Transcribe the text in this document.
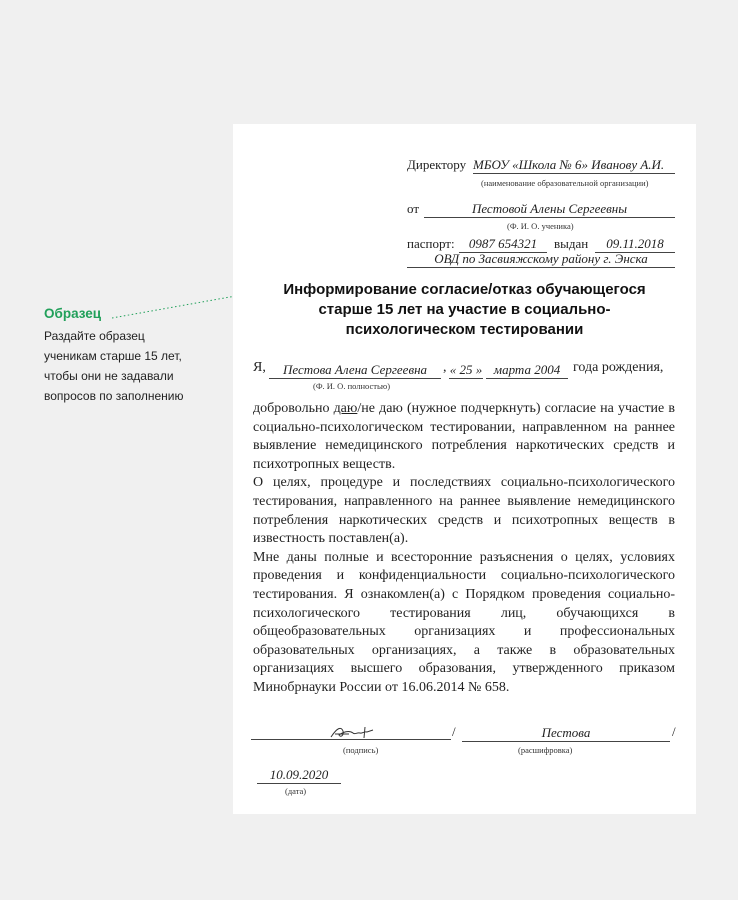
Образец
Раздайте образец
ученикам старше 15 лет,
чтобы они не задавали
вопросов по заполнению
Директору МБОУ «Школа № 6» Иванову А.И.
(наименование образовательной организации)
от	Пестовой Алены Сергеевны
(Ф. И. О. ученика)
паспорт:	0987 654321	выдан	09.11.2018
ОВД по Засвияжскому району г. Энска
Информирование согласие/отказ обучающегося
старше 15 лет на участие в социально-
психологическом тестировании
Я,	Пестова Алена Сергеевна	, « 25 » марта 2004 года рождения,
(Ф. И. О. полностью)

добровольно даю/не даю (нужное подчеркнуть) согласие на участие в социально-психологическом тестировании, направленном на раннее выявление немедицинского потребления наркотических средств и психотропных веществ.

О целях, процедуре и последствиях социально-психологического тестирования, направленного на раннее выявление немедицинского потребления наркотических средств и психотропных веществ в известность поставлен(а).

Мне даны полные и всесторонние разъяснения о целях, условиях проведения и конфиденциальности социально-психологического тестирования. Я ознакомлен(а) с Порядком проведения социально-психологического тестирования лиц, обучающихся в общеобразовательных организациях и профессиональных образовательных организациях, а также в образовательных организациях высшего образования, утвержденного приказом Минобрнауки России от 16.06.2014 № 658.

/
(подпись)
Пестова	/
(расшифровка)
10.09.2020
(дата)
